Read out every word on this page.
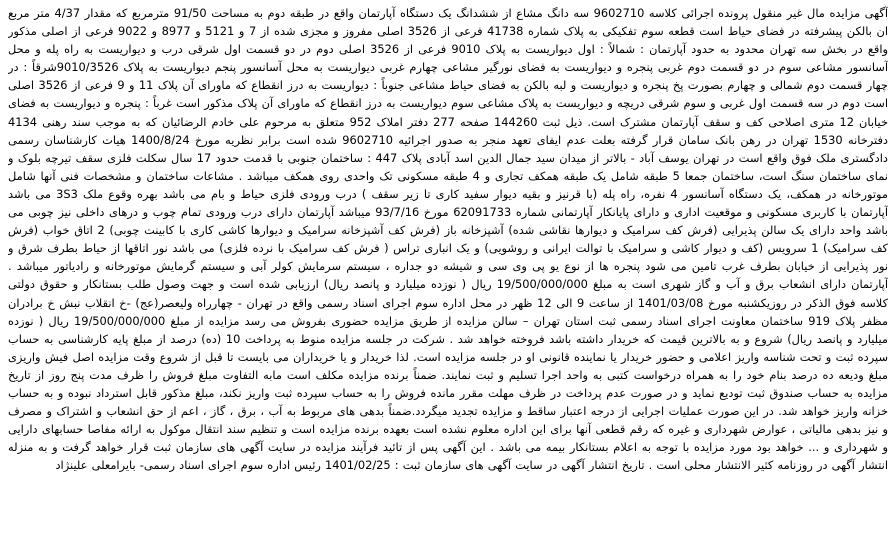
آگهی مزایده مال غیر منقول پرونده اجرائی کلاسه 9602710 سه دانگ مشاع از ششدانگ یک دستگاه آپارتمان واقع در طبقه دوم به مساحت 91/50 مترمربع که مقدار 4/37 متر مربع ان بالکن پیشرفته در فضای حیاط است قطعه سوم تفکیکی به پلاک شماره 41738 فرعی از 3526 اصلی مفروز و مجزی شده از 7 و 5121 و 8977 و 9022 فرعی از اصلی مذکور واقع در بخش سه تهران محدود به حدود آپارتمان : شمالاً : اول دیواریست به پلاک 9010 فرعی از 3526 اصلی دوم در دو قسمت اول شرقی درب و دیواریست به راه پله و محل آسانسور مشاعی سوم در دو قسمت دوم غربی پنجره و دیواریست به فضای نورگیر مشاعی چهارم غربی دیواریست به محل آسانسور پنجم دیواریست به پلاک 9010/3526شرقاً : در چهار قسمت دوم شمالی و چهارم بصورت پخ پنجره و دیواریست و لبه بالکن به فضای حیاط مشاعی جنوباً : دیواریست به درز انقطاع که ماورای آن پلاک 11 و 9 فرعی از 3526 اصلی است دوم در سه قسمت اول غربی و سوم شرقی دریچه و دیواریست به پلاک مشاعی سوم دیواریست به درز انقطاع که ماورای آن پلاک مذکور است غرباً : پنجره و دیواریست به فضای خیابان 12 متری اصلاحی کف و سقف آپارتمان مشترک است. ذیل ثبت 144260 صفحه 277 دفتر املاک 952 متعلق به مرحوم علی خادم الرضائیان که به موجب سند رهنی 4134 دفترخانه 1530 تهران در رهن بانک سامان قرار گرفته بعلت عدم ایفای تعهد منجر به صدور اجرائیه 9602710 شده است برابر نظریه مورخ 1400/8/24 هیات کارشناسان رسمی دادگستری ملک فوق واقع است در تهران یوسف آباد - بالاتر از میدان سید جمال الدین اسد آبادی پلاک 447 : ساختمان جنوبی با قدمت حدود 17 سال سکلت فلزی سقف تیرچه بلوک و نمای ساختمان سنگ است، ساختمان جمعا 5 طبقه شامل یک طبقه همکف تجاری و 4 طبقه مسکونی تک واحدی روی همکف میباشد . مشاعات ساختمان و مشخصات فنی آنها شامل موتورخانه در همکف، یک دستگاه آسانسور 4 نفره، راه پله (با قرنیز و بقیه دیوار سفید کاری تا زیر سقف ) درب ورودی فلزی حیاط و بام می باشد بهره وقوع ملک 3S3 می باشد آپارتمان با کاربری مسکونی و موقعیت اداری و دارای پایانکار آپارتمانی شماره 62091733 مورخ 93/7/16 میباشد آپارتمان دارای درب ورودی تمام چوب و درهای داخلی نیز چوبی می باشد واحد دارای یک سالن پذیرایی (فرش کف سرامیک و دیوارها نقاشی شده) آشپزخانه باز (فرش کف آشپزخانه سرامیک و دیوارها کاشی کاری با کابینت چوبی) 2 اتاق خواب (فرش کف سرامیک) 1 سرویس (کف و دیوار کاشی و سرامیک با توالت ایرانی و روشویی) و یک انباری تراس ( فرش کف سرامیک با نرده فلزی) می باشد نور اتاقها از حیاط بطرف شرق و نور پذیرایی از خیابان بطرف غرب تامین می شود پنجره ها از نوع یو پی وی سی و شیشه دو جداره ، سیستم سرمایش کولر آبی و سیستم گرمایش موتورخانه و رادیاتور میباشد . آپارتمان دارای انشعاب برق و آب و گاز شهری است به مبلغ 19/500/000/000 ریال ( نوزده میلیارد و پانصد ریال) ارزیابی شده است و جهت وصول طلب بستانکار و حقوق دولتی کلاسه فوق الذکر در روزیکشنبه مورخ 1401/03/08 از ساعت 9 الی 12 ظهر در محل اداره سوم اجرای اسناد رسمی واقع در تهران - چهارراه ولیعصر(عج) -خ انقلاب نبش خ برادران مظفر پلاک 919 ساختمان معاونت اجرای اسناد رسمی ثبت استان تهران – سالن مزایده از طریق مزایده حضوری بفروش می رسد مزایده از مبلغ 19/500/000/000 ریال ( نوزده میلیارد و پانصد ریال) شروع و به بالاترین قیمت که خریدار داشته باشد فروخته خواهد شد . شرکت در جلسه مزایده منوط به پرداخت 10 (ده) درصد از مبلغ پایه کارشناسی به حساب سپرده ثبت و تحت شناسه واریز اعلامی و حضور خریدار یا نماینده قانونی او در جلسه مزایده است. لذا خریدار و یا خریداران می بایست تا قبل از شروع وقت مزایده اصل فیش واریزی مبلغ ودیعه ده درصد بنام خود را به همراه درخواست کتبی به واحد اجرا تسلیم و ثبت نمایند. ضمناً برنده مزایده مکلف است مابه التفاوت مبلغ فروش را ظرف مدت پنج روز از تاریخ مزایده به حساب صندوق ثبت تودیع نماید و در صورت عدم پرداخت در ظرف مهلت مقرر مانده فروش را به حساب سپرده ثبت واریز نکند، مبلغ مذکور قابل استرداد نبوده و به حساب خزانه واریز خواهد شد. در این صورت عملیات اجرایی از درجه اعتبار ساقط و مزایده تجدید میگردد.ضمناً بدهی های مربوط به آب ، برق ، گاز ، اعم از حق انشعاب و اشتراک و مصرف و نیز بدهی مالیاتی ، عوارض شهرداری و غیره که رقم قطعی آنها برای این اداره معلوم نشده است بعهده برنده مزایده است و تنظیم سند انتقال موکول به ارائه مفاصا حسابهای دارایی و شهرداری و ... خواهد بود مورد مزایده با توجه به اعلام بستانکار بیمه می باشد . این آگهی پس از تائید فرآیند مزایده در سایت آگهی های سازمان ثبت قرار خواهد گرفت و به منزله انتشار آگهی در روزنامه کثیر الانتشار محلی است . تاریخ انتشار آگهی در سایت آگهی های سازمان ثبت : 1401/02/25 رئیس اداره سوم اجرای اسناد رسمی- بایرامعلی علینژاد
